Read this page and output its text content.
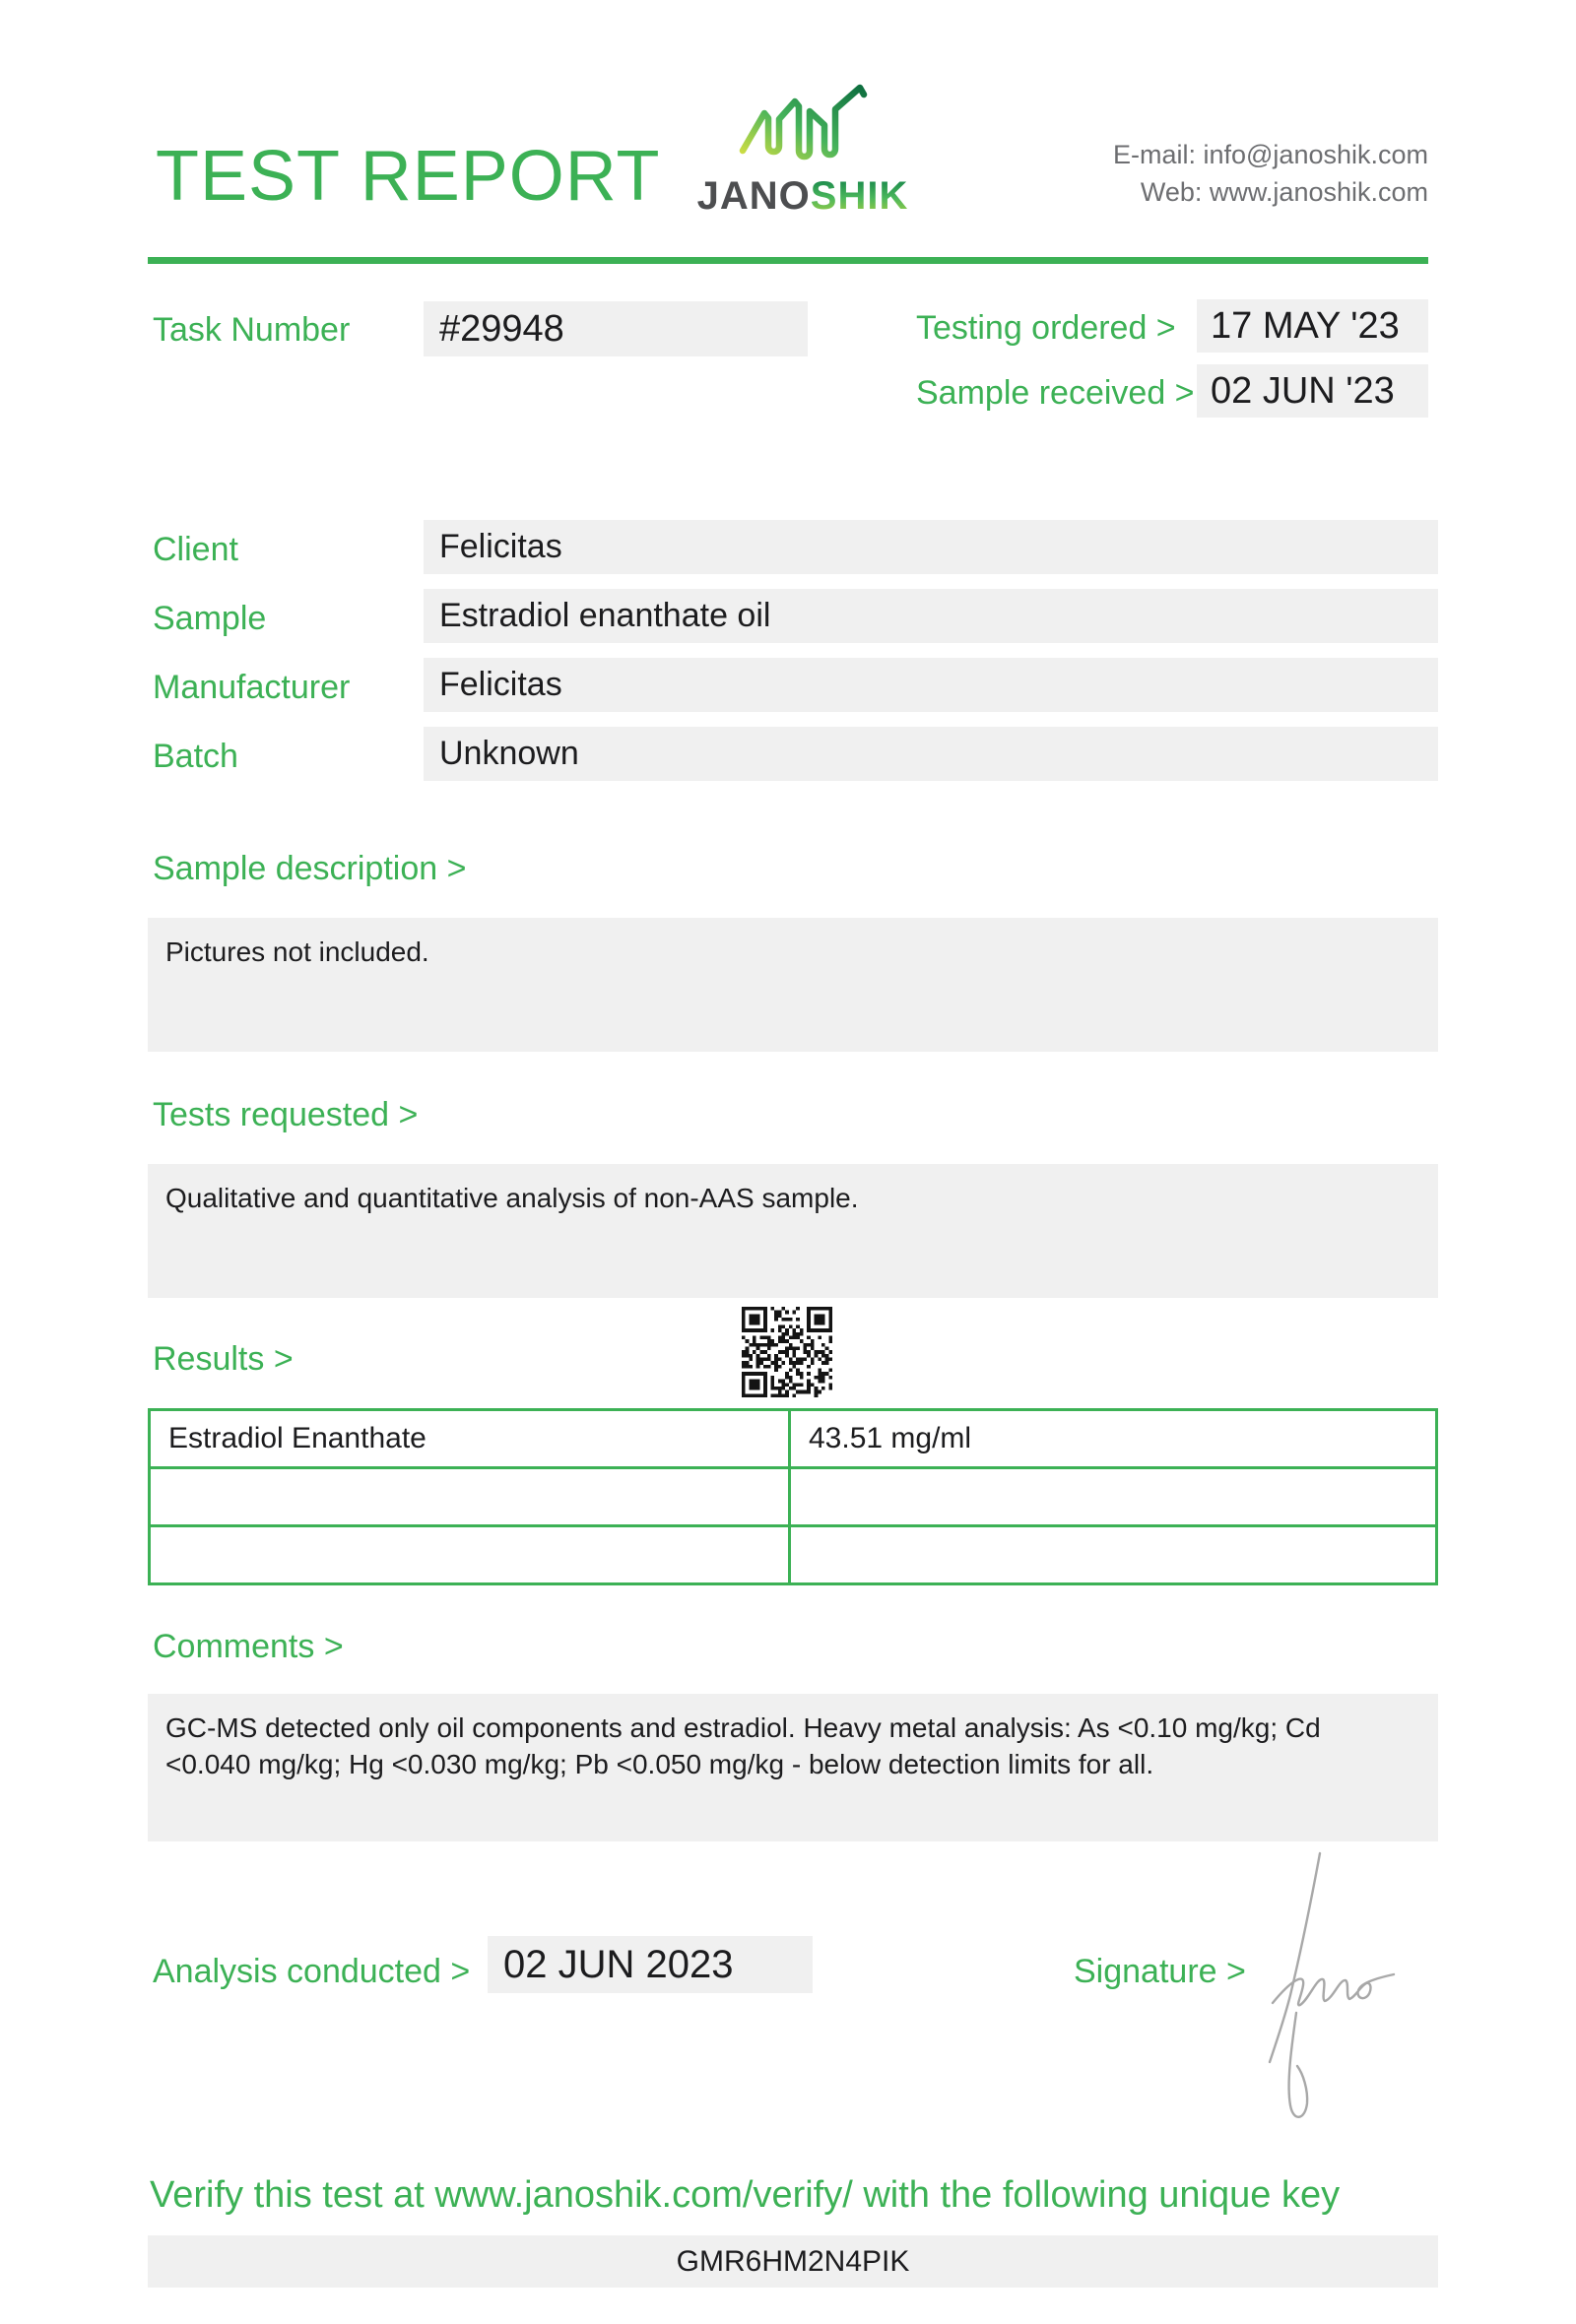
TEST REPORT JANOSHIK
E-mail: info@janoshik.com
Web: www.janoshik.com
Task Number	#29948	Testing ordered > 17 MAY '23
Sample received > 02 JUN '23
Client	Felicitas
Sample	Estradiol enanthate oil
Manufacturer	Felicitas
Batch	Unknown
Sample description >
Pictures not included.
Tests requested >
Qualitative and quantitative analysis of non-AAS sample.
Results >
Estradiol Enanthate	43.51 mg/ml

Comments >
GC-MS detected only oil components and estradiol. Heavy metal analysis: As <0.10 mg/kg; Cd
<0.040 mg/kg; Hg <0.030 mg/kg; Pb <0.050 mg/kg - below detection limits for all.
Analysis conducted > 02 JUN 2023	Signature >
Verify this test at www.janoshik.com/verify/ with the following unique key
GMR6HM2N4PIK
